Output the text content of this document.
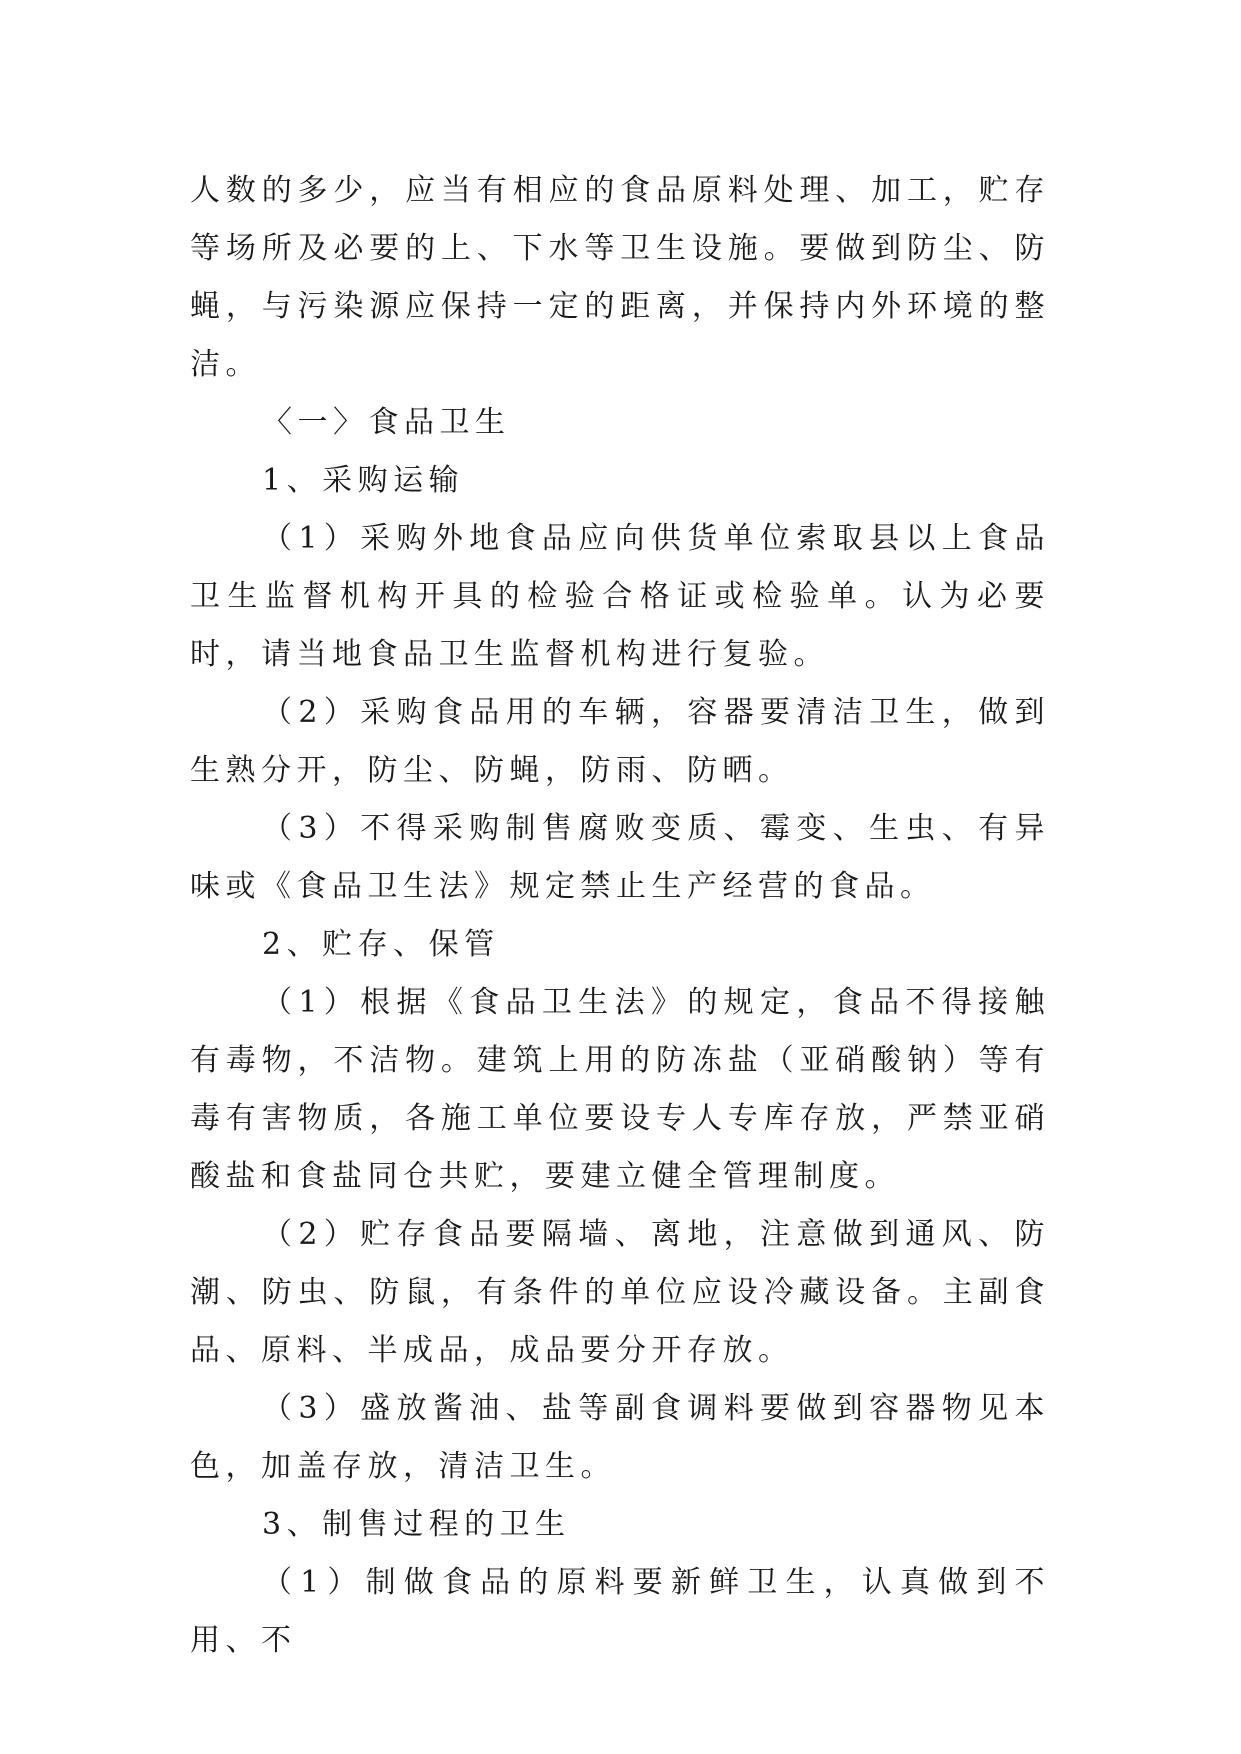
人数的多少，应当有相应的食品原料处理、加工，贮存等场所及必要的上、下水等卫生设施。要做到防尘、防蝇，与污染源应保持一定的距离，并保持内外环境的整洁。

〈一〉食品卫生

1、采购运输

（1）采购外地食品应向供货单位索取县以上食品卫生监督机构开具的检验合格证或检验单。认为必要时，请当地食品卫生监督机构进行复验。

（2）采购食品用的车辆，容器要清洁卫生，做到生熟分开，防尘、防蝇，防雨、防晒。

（3）不得采购制售腐败变质、霉变、生虫、有异味或《食品卫生法》规定禁止生产经营的食品。

2、贮存、保管

（1）根据《食品卫生法》的规定，食品不得接触有毒物，不洁物。建筑上用的防冻盐（亚硝酸钠）等有毒有害物质，各施工单位要设专人专库存放，严禁亚硝酸盐和食盐同仓共贮，要建立健全管理制度。

（2）贮存食品要隔墙、离地，注意做到通风、防潮、防虫、防鼠，有条件的单位应设冷藏设备。主副食品、原料、半成品，成品要分开存放。

（3）盛放酱油、盐等副食调料要做到容器物见本色，加盖存放，清洁卫生。

3、制售过程的卫生

（1）制做食品的原料要新鲜卫生，认真做到不用、不
